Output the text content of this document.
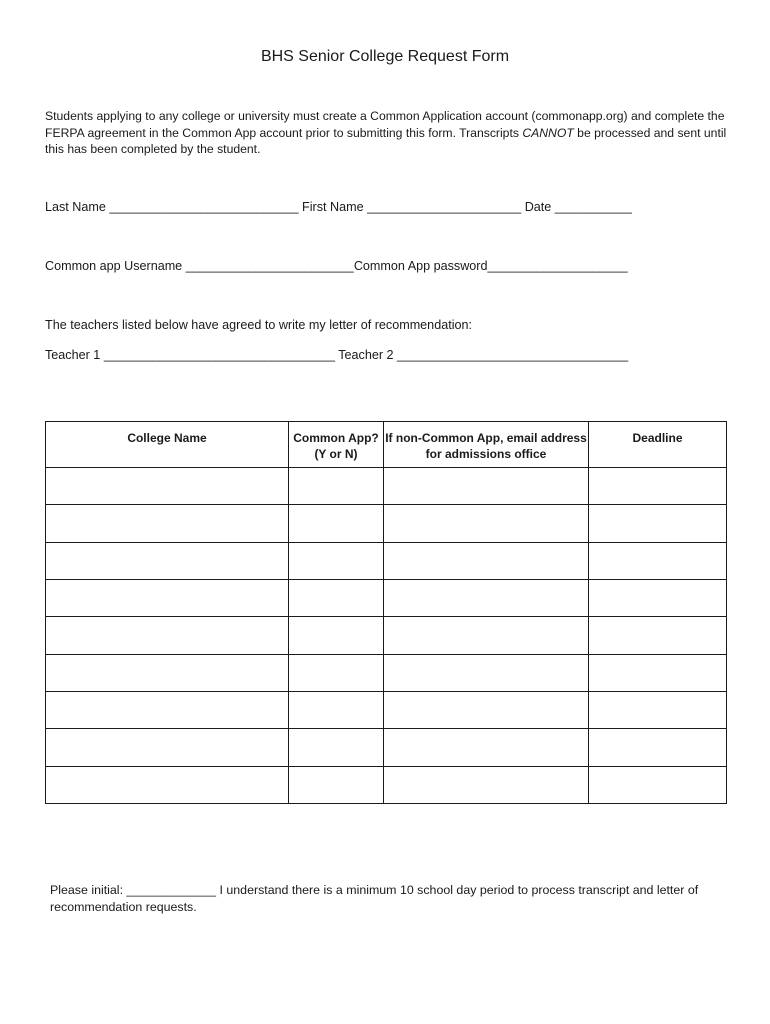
BHS Senior College Request Form
Students applying to any college or university must create a Common Application account (commonapp.org) and complete the FERPA agreement in the Common App account prior to submitting this form. Transcripts CANNOT be processed and sent until this has been completed by the student.
Last Name ___________________________ First Name ______________________ Date ___________
Common app Username ________________________Common App password____________________
The teachers listed below have agreed to write my letter of recommendation:
Teacher 1 _________________________________ Teacher 2 _________________________________
College Name	Common App? (Y or N)	If non-Common App, email address for admissions office	Deadline

Please initial: _____________ I understand there is a minimum 10 school day period to process transcript and letter of recommendation requests.
